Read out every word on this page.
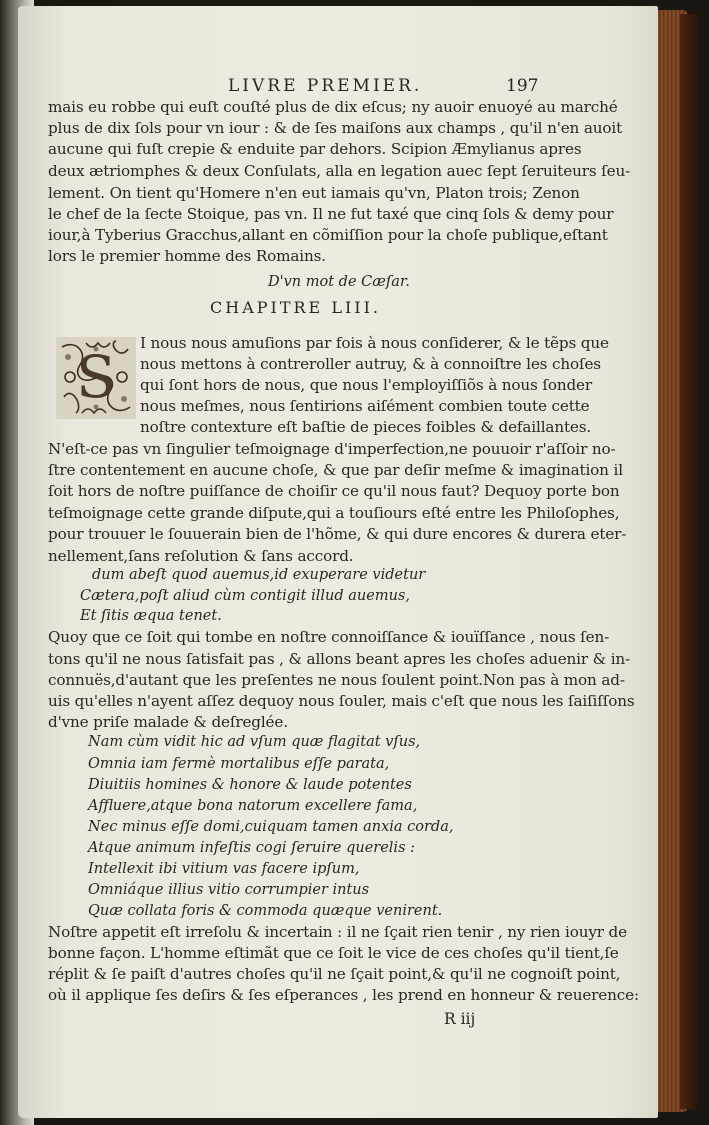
LIVRE PREMIER.	197
mais eu robbe qui euſt couſté plus de dix eſcus; ny auoir enuoyé au marché
plus de dix ſols pour vn iour : & de ſes maiſons aux champs , qu'il n'en auoit
aucune qui fuſt crepie & enduite par dehors. Scipion Æmylianus apres
deux ætriomphes & deux Conſulats, alla en legation auec ſept ſeruiteurs ſeu-
lement. On tient qu'Homere n'en eut iamais qu'vn, Platon trois; Zenon
le chef de la ſecte Stoique, pas vn. Il ne fut taxé que cinq ſols & demy pour
iour,à Tyberius Gracchus,allant en cõmiſſion pour la choſe publique,eſtant
lors le premier homme des Romains.
D'vn mot de Cæſar.
CHAPITRE LIII.
S I nous nous amuſions par fois à nous conſiderer, & le tẽps que
nous mettons à contreroller autruy, & à connoiſtre les choſes
qui ſont hors de nous, que nous l'employiſſiõs à nous ſonder
nous meſmes, nous ſentirions aiſément combien toute cette
noſtre contexture eſt baſtie de pieces foibles & defaillantes.
N'eſt-ce pas vn ſingulier teſmoignage d'imperfection,ne pouuoir r'aſſoir no-
ſtre contentement en aucune choſe, & que par deſir meſme & imagination il
ſoit hors de noſtre puiſſance de choiſir ce qu'il nous faut? Dequoy porte bon
teſmoignage cette grande diſpute,qui a touſiours eſté entre les Philoſophes,
pour trouuer le ſouuerain bien de l'hõme, & qui dure encores & durera eter-
nellement,ſans reſolution & ſans accord.
dum abeſt quod auemus,id exuperare videtur
Cætera,poſt aliud cùm contigit illud auemus,
Et ſitis æqua tenet.
Quoy que ce ſoit qui tombe en noſtre connoiſſance & iouïſſance , nous ſen-
tons qu'il ne nous ſatisfait pas , & allons beant apres les choſes aduenir & in-
connuës,d'autant que les preſentes ne nous ſoulent point.Non pas à mon ad-
uis qu'elles n'ayent aſſez dequoy nous ſouler, mais c'eſt que nous les ſaiſiſſons
d'vne priſe malade & deſreglée.
Nam cùm vidit hic ad vſum quæ flagitat vſus,
Omnia iam fermè mortalibus eſſe parata,
Diuitiis homines & honore & laude potentes
Affluere,atque bona natorum excellere fama,
Nec minus eſſe domi,cuiquam tamen anxia corda,
Atque animum infeſtis cogi ſeruire querelis :
Intellexit ibi vitium vas facere ipſum,
Omniáque illius vitio corrumpier intus
Quæ collata foris & commoda quæque venirent.
Noſtre appetit eſt irreſolu & incertain : il ne ſçait rien tenir , ny rien iouyr de
bonne façon. L'homme eſtimãt que ce ſoit le vice de ces choſes qu'il tient,ſe
réplit & ſe paiſt d'autres choſes qu'il ne ſçait point,& qu'il ne cognoiſt point,
où il applique ſes deſirs & ſes eſperances , les prend en honneur & reuerence:
R iij
